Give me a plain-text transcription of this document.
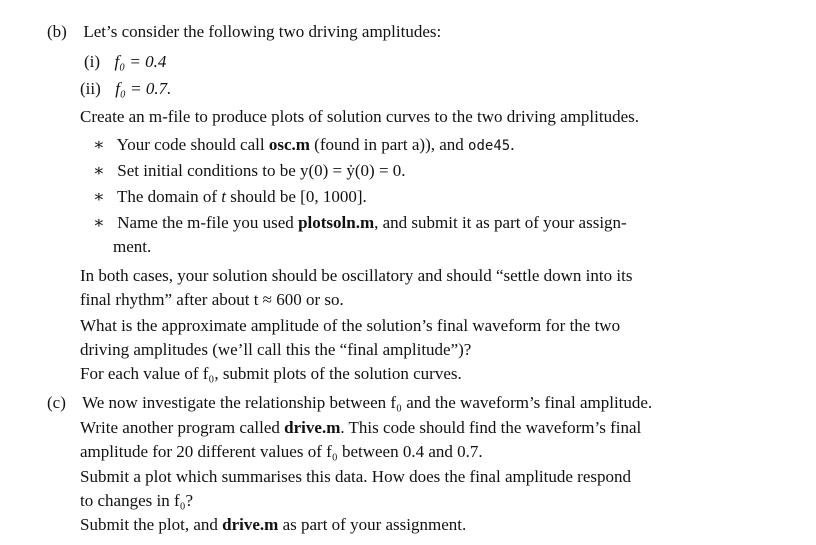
(b) Let’s consider the following two driving amplitudes:
(i) f₀ = 0.4
(ii) f₀ = 0.7.
Create an m-file to produce plots of solution curves to the two driving amplitudes.
∗ Your code should call osc.m (found in part a)), and ode45.
∗ Set initial conditions to be y(0) = ẏ(0) = 0.
∗ The domain of t should be [0, 1000].
∗ Name the m-file you used plotsoln.m, and submit it as part of your assign-
ment.
In both cases, your solution should be oscillatory and should “settle down into its
final rhythm” after about t ≈ 600 or so.
What is the approximate amplitude of the solution’s final waveform for the two
driving amplitudes (we’ll call this the “final amplitude”)?
For each value of f₀, submit plots of the solution curves.
(c) We now investigate the relationship between f₀ and the waveform’s final amplitude.
Write another program called drive.m. This code should find the waveform’s final
amplitude for 20 different values of f₀ between 0.4 and 0.7.
Submit a plot which summarises this data. How does the final amplitude respond
to changes in f₀?
Submit the plot, and drive.m as part of your assignment.
